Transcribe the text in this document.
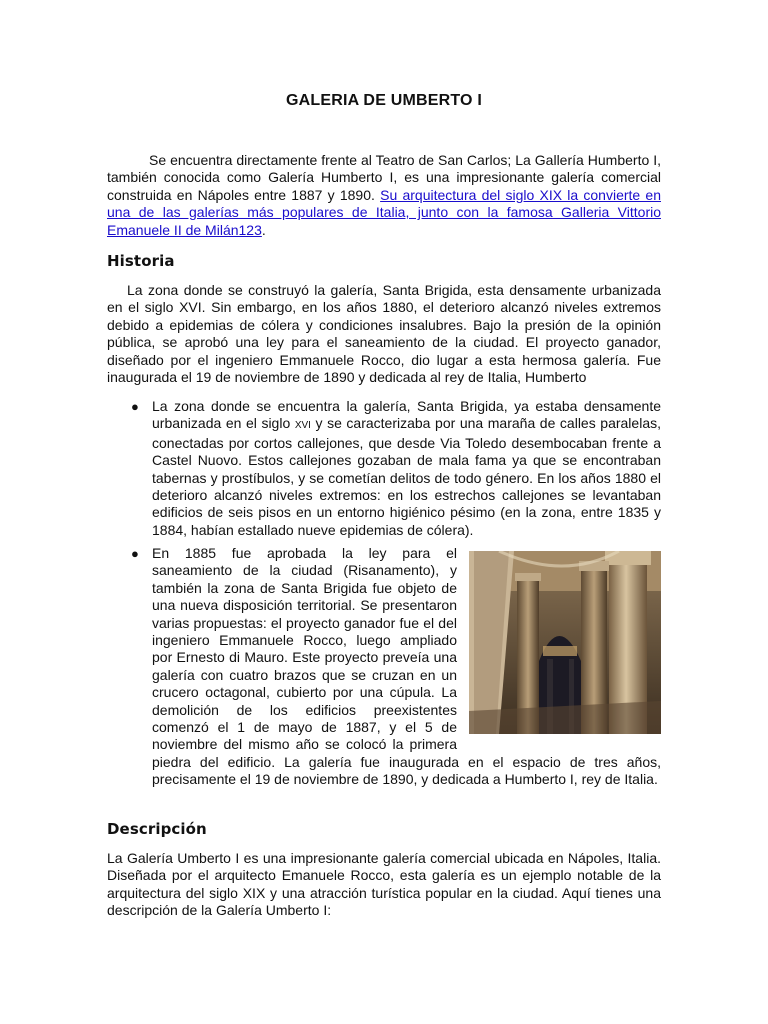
GALERIA DE UMBERTO I

Se encuentra directamente frente al Teatro de San Carlos; La Gallería Humberto I, también conocida como Galería Humberto I, es una impresionante galería comercial construida en Nápoles entre 1887 y 1890. Su arquitectura del siglo XIX la convierte en una de las galerías más populares de Italia, junto con la famosa Galleria Vittorio Emanuele II de Milán123.

Historia

La zona donde se construyó la galería, Santa Brigida, esta densamente urbanizada en el siglo XVI. Sin embargo, en los años 1880, el deterioro alcanzó niveles extremos debido a epidemias de cólera y condiciones insalubres. Bajo la presión de la opinión pública, se aprobó una ley para el saneamiento de la ciudad. El proyecto ganador, diseñado por el ingeniero Emmanuele Rocco, dio lugar a esta hermosa galería. Fue inaugurada el 19 de noviembre de 1890 y dedicada al rey de Italia, Humberto

● La zona donde se encuentra la galería, Santa Brigida, ya estaba densamente urbanizada en el siglo XVI y se caracterizaba por una maraña de calles paralelas, conectadas por cortos callejones, que desde Via Toledo desembocaban frente a Castel Nuovo. Estos callejones gozaban de mala fama ya que se encontraban tabernas y prostíbulos, y se cometían delitos de todo género. En los años 1880 el deterioro alcanzó niveles extremos: en los estrechos callejones se levantaban edificios de seis pisos en un entorno higiénico pésimo (en la zona, entre 1835 y 1884, habían estallado nueve epidemias de cólera).

● En 1885 fue aprobada la ley para el saneamiento de la ciudad (Risanamento), y también la zona de Santa Brigida fue objeto de una nueva disposición territorial. Se presentaron varias propuestas: el proyecto ganador fue el del ingeniero Emmanuele Rocco, luego ampliado por Ernesto di Mauro. Este proyecto preveía una galería con cuatro brazos que se cruzan en un crucero octagonal, cubierto por una cúpula. La demolición de los edificios preexistentes comenzó el 1 de mayo de 1887, y el 5 de noviembre del mismo año se colocó la primera piedra del edificio. La galería fue inaugurada en el espacio de tres años, precisamente el 19 de noviembre de 1890, y dedicada a Humberto I, rey de Italia.

Descripción

La Galería Umberto I es una impresionante galería comercial ubicada en Nápoles, Italia. Diseñada por el arquitecto Emanuele Rocco, esta galería es un ejemplo notable de la arquitectura del siglo XIX y una atracción turística popular en la ciudad. Aquí tienes una descripción de la Galería Umberto I:
